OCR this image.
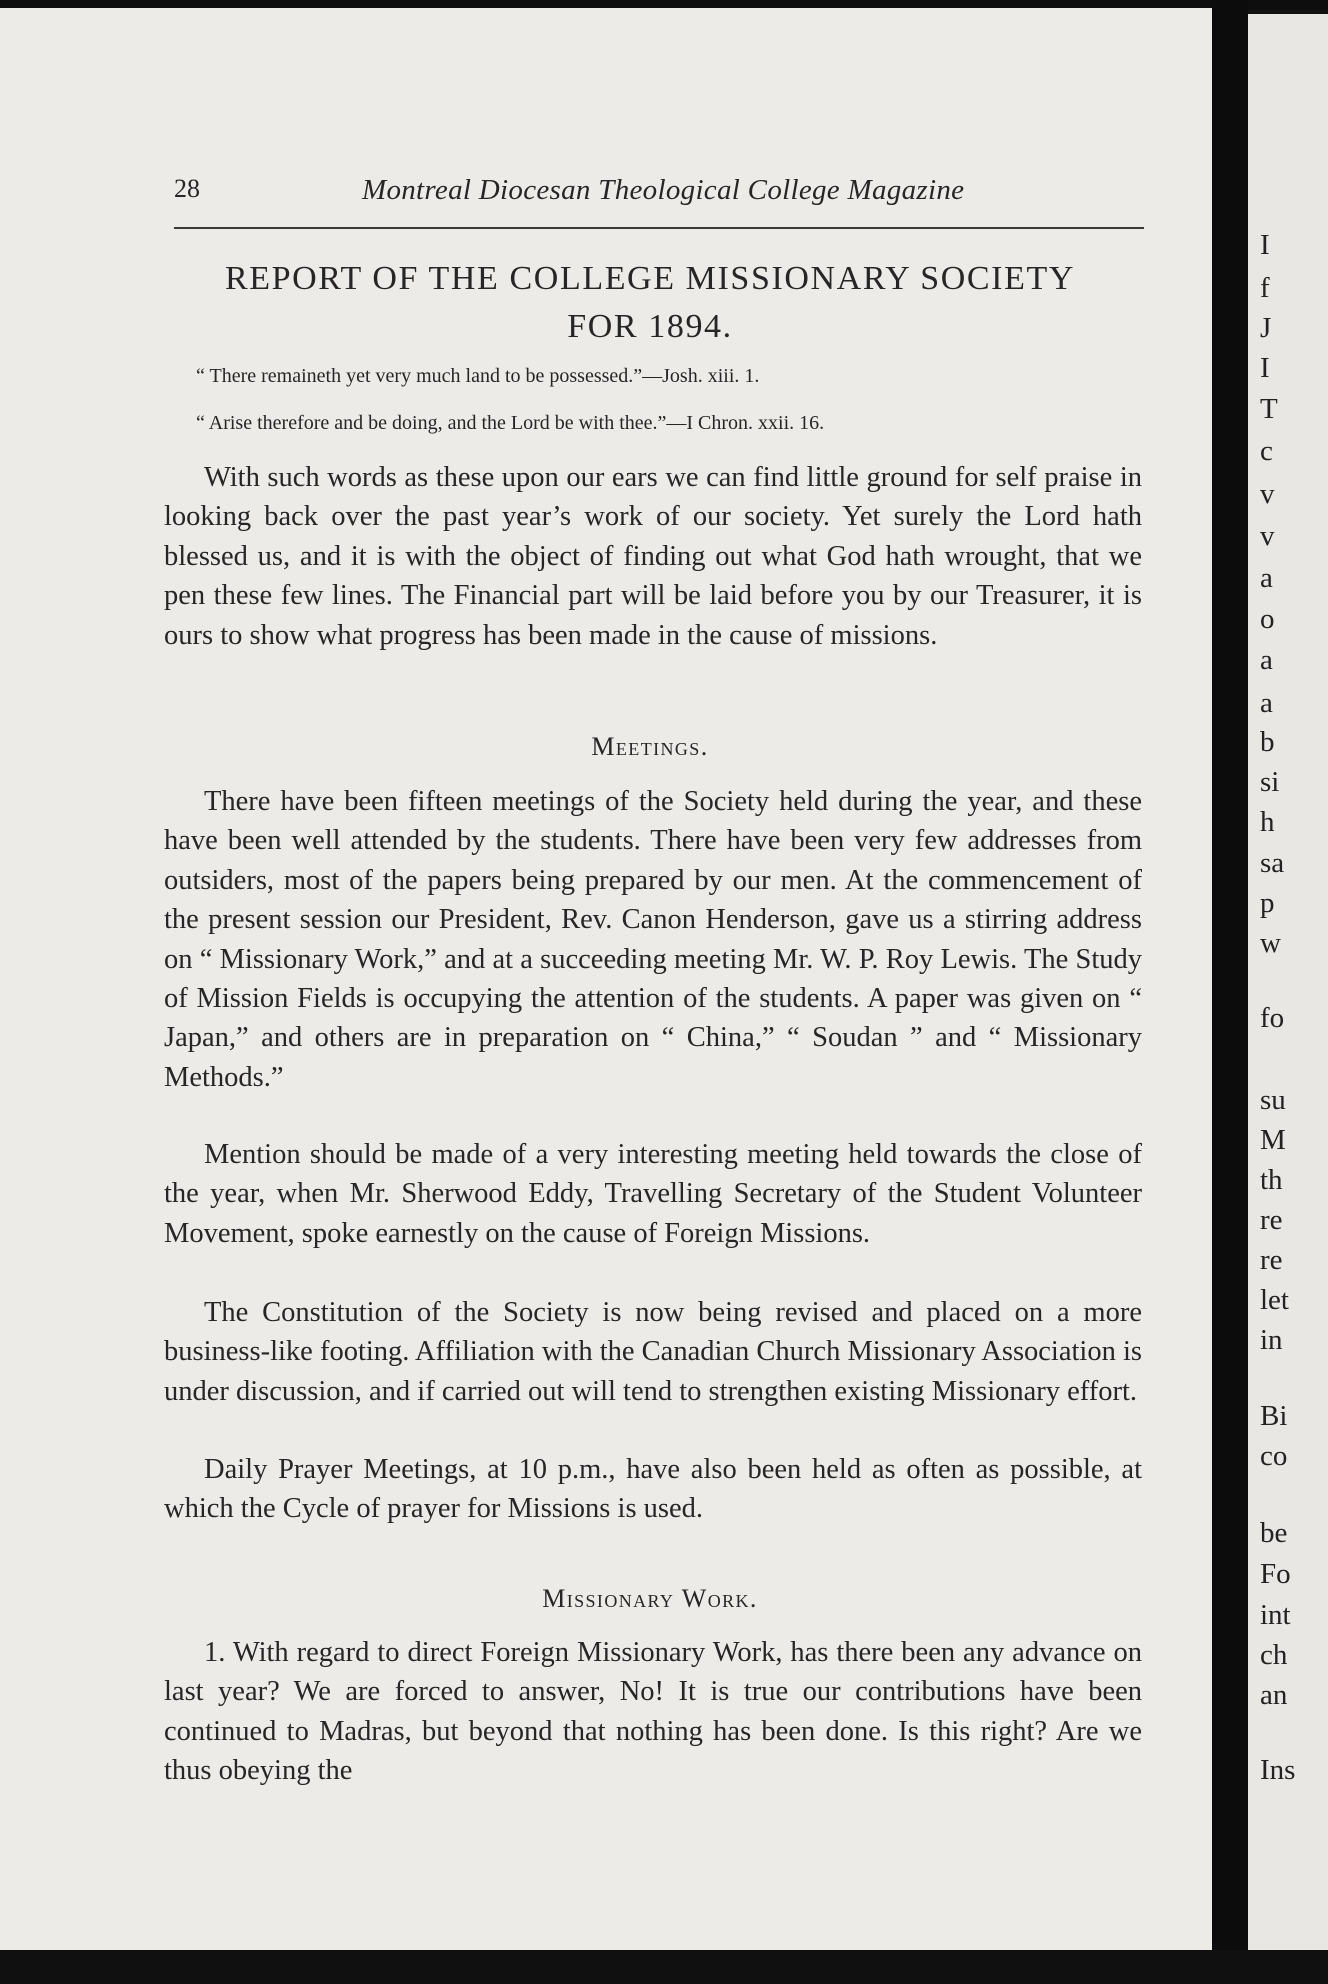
I
f
J
I
T
c
v
v
a
o
a
a
b
si
h
sa
p
w
fo
su
M
th
re
re
let
in
Bi
co
be
Fo
int
ch
an
Ins
28	Montreal Diocesan Theological College Magazine
REPORT OF THE COLLEGE MISSIONARY SOCIETY
FOR 1894.
“ There remaineth yet very much land to be possessed.”—Josh. xiii. 1.
“ Arise therefore and be doing, and the Lord be with thee.”—I Chron. xxii. 16.

With such words as these upon our ears we can find little ground for self praise in looking back over the past year’s work of our society. Yet surely the Lord hath blessed us, and it is with the object of finding out what God hath wrought, that we pen these few lines. The Financial part will be laid before you by our Treasurer, it is ours to show what progress has been made in the cause of missions.

Meetings.

There have been fifteen meetings of the Society held during the year, and these have been well attended by the students. There have been very few addresses from outsiders, most of the papers being prepared by our men. At the commencement of the present session our President, Rev. Canon Henderson, gave us a stirring address on “ Missionary Work,” and at a succeeding meeting Mr. W. P. Roy Lewis. The Study of Mission Fields is occupying the attention of the students. A paper was given on “ Japan,” and others are in preparation on “ China,” “ Soudan ” and “ Missionary Methods.”

Mention should be made of a very interesting meeting held towards the close of the year, when Mr. Sherwood Eddy, Travelling Secretary of the Student Volunteer Movement, spoke earnestly on the cause of Foreign Missions.

The Constitution of the Society is now being revised and placed on a more business-like footing. Affiliation with the Canadian Church Missionary Association is under discussion, and if carried out will tend to strengthen existing Missionary effort.

Daily Prayer Meetings, at 10 p.m., have also been held as often as possible, at which the Cycle of prayer for Missions is used.

Missionary Work.

1. With regard to direct Foreign Missionary Work, has there been any advance on last year? We are forced to answer, No! It is true our contributions have been continued to Madras, but beyond that nothing has been done. Is this right? Are we thus obeying the
